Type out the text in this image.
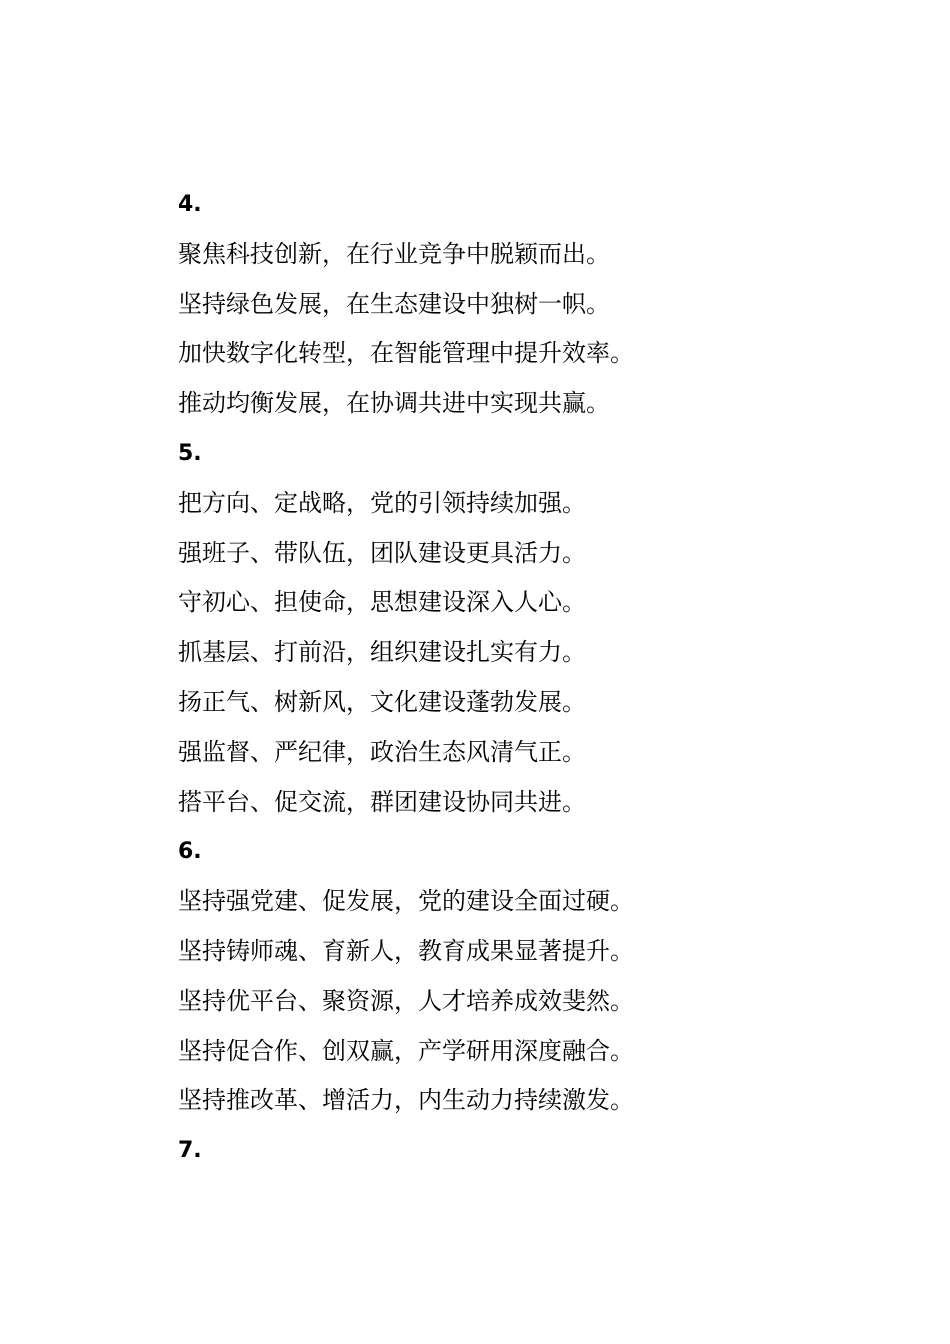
4.
聚焦科技创新，在行业竞争中脱颖而出。
坚持绿色发展，在生态建设中独树一帜。
加快数字化转型，在智能管理中提升效率。
推动均衡发展，在协调共进中实现共赢。
5.
把方向、定战略，党的引领持续加强。
强班子、带队伍，团队建设更具活力。
守初心、担使命，思想建设深入人心。
抓基层、打前沿，组织建设扎实有力。
扬正气、树新风，文化建设蓬勃发展。
强监督、严纪律，政治生态风清气正。
搭平台、促交流，群团建设协同共进。
6.
坚持强党建、促发展，党的建设全面过硬。
坚持铸师魂、育新人，教育成果显著提升。
坚持优平台、聚资源，人才培养成效斐然。
坚持促合作、创双赢，产学研用深度融合。
坚持推改革、增活力，内生动力持续激发。
7.
